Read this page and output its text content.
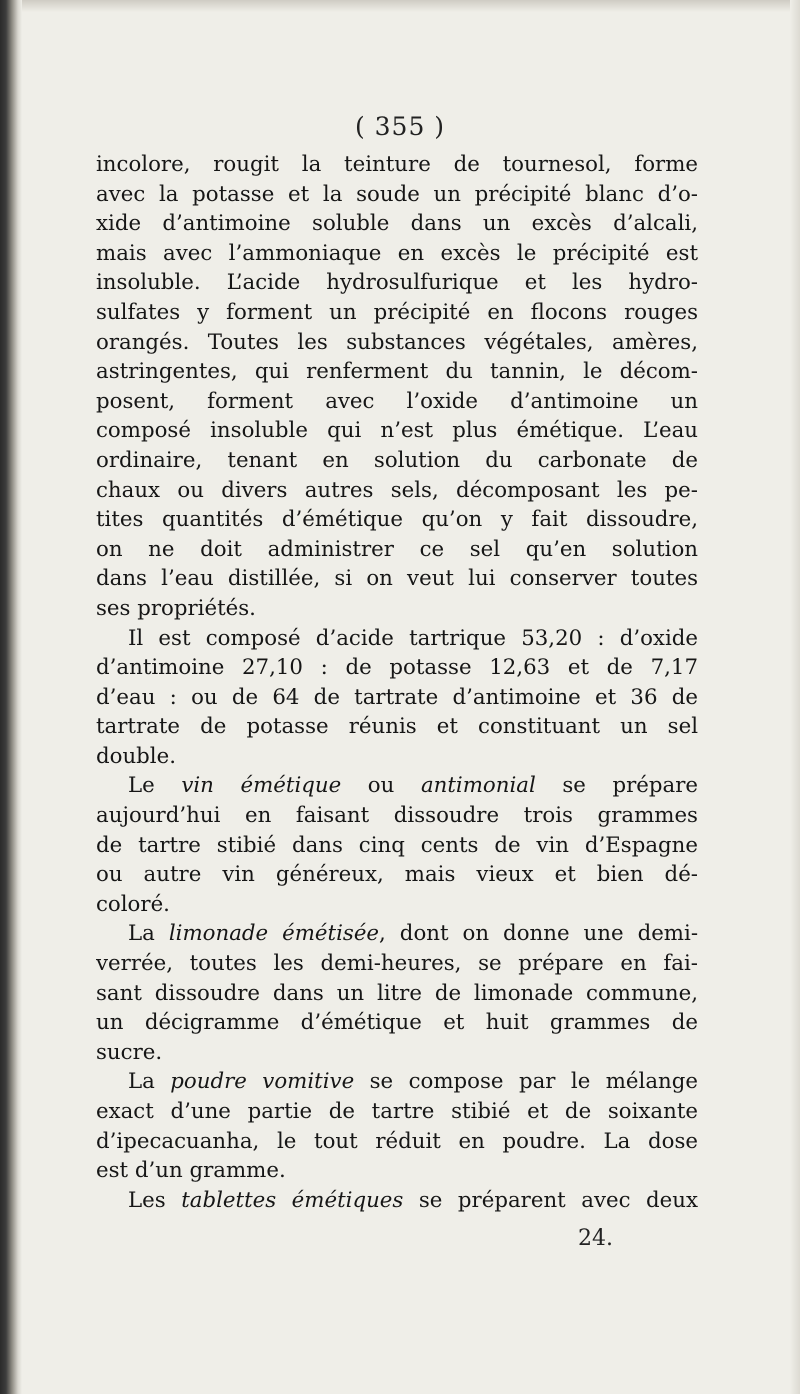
( 355 )
incolore, rougit la teinture de tournesol, forme
avec la potasse et la soude un précipité blanc d’o-
xide d’antimoine soluble dans un excès d’alcali,
mais avec l’ammoniaque en excès le précipité est
insoluble. L’acide hydrosulfurique et les hydro-
sulfates y forment un précipité en flocons rouges
orangés. Toutes les substances végétales, amères,
astringentes, qui renferment du tannin, le décom-
posent, forment avec l’oxide d’antimoine un
composé insoluble qui n’est plus émétique. L’eau
ordinaire, tenant en solution du carbonate de
chaux ou divers autres sels, décomposant les pe-
tites quantités d’émétique qu’on y fait dissoudre,
on ne doit administrer ce sel qu’en solution
dans l’eau distillée, si on veut lui conserver toutes
ses propriétés.
Il est composé d’acide tartrique 53,20 : d’oxide
d’antimoine 27,10 : de potasse 12,63 et de 7,17
d’eau : ou de 64 de tartrate d’antimoine et 36 de
tartrate de potasse réunis et constituant un sel
double.
Le vin émétique ou antimonial se prépare
aujourd’hui en faisant dissoudre trois grammes
de tartre stibié dans cinq cents de vin d’Espagne
ou autre vin généreux, mais vieux et bien dé-
coloré.
La limonade émétisée, dont on donne une demi-
verrée, toutes les demi-heures, se prépare en fai-
sant dissoudre dans un litre de limonade commune,
un décigramme d’émétique et huit grammes de
sucre.
La poudre vomitive se compose par le mélange
exact d’une partie de tartre stibié et de soixante
d’ipecacuanha, le tout réduit en poudre. La dose
est d’un gramme.
Les tablettes émétiques se préparent avec deux
24.
